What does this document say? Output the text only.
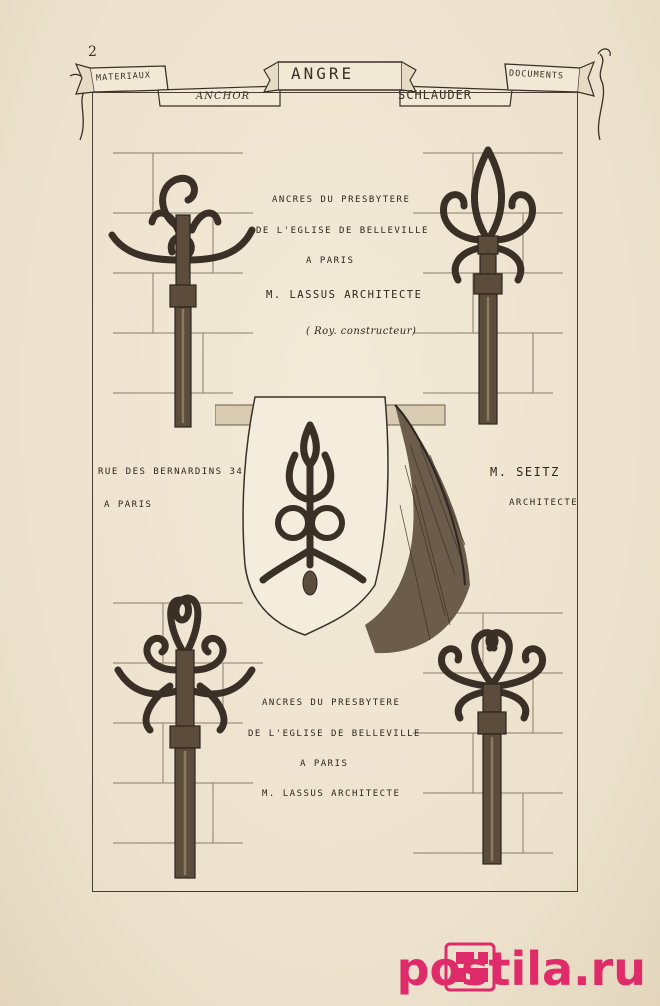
2
ANGRE
MATERIAUX	DOCUMENTS
ANCHOR	SCHLAUDER
ANCRES DU PRESBYTERE
DE L'EGLISE DE BELLEVILLE
A PARIS
M. LASSUS ARCHITECTE
( Roy. constructeur)
RUE DES BERNARDINS 34
A PARIS
M. SEITZ
ARCHITECTE
ANCRES DU PRESBYTERE
DE L'EGLISE DE BELLEVILLE
A PARIS
M. LASSUS ARCHITECTE
postila.ru
